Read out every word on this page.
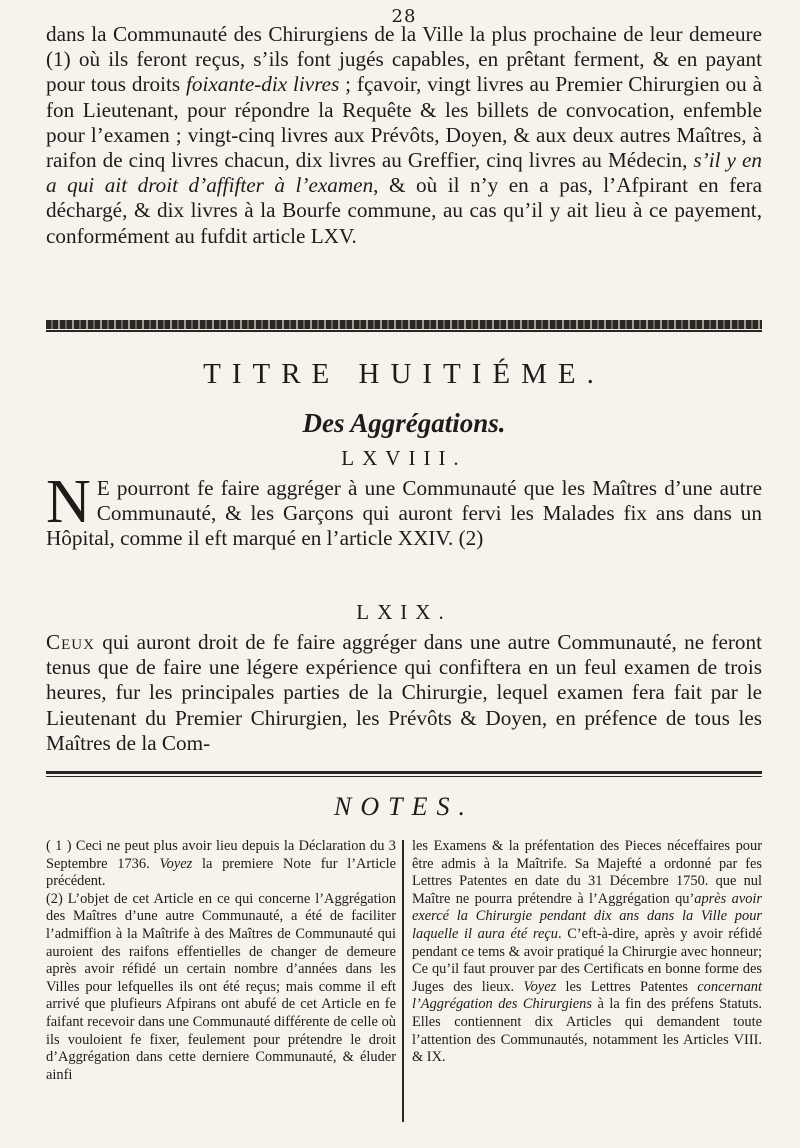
28
dans la Communauté des Chirurgiens de la Ville la plus prochaine de leur demeure (1) où ils feront reçus, s’ils font jugés capables, en prêtant ferment, & en payant pour tous droits foixante-dix livres ; fçavoir, vingt livres au Premier Chirurgien ou à fon Lieutenant, pour répondre la Requête & les billets de convocation, enfemble pour l’examen ; vingt-cinq livres aux Prévôts, Doyen, & aux deux autres Maîtres, à raifon de cinq livres chacun, dix livres au Greffier, cinq livres au Médecin, s’il y en a qui ait droit d’affifter à l’examen, & où il n’y en a pas, l’Afpirant en fera déchargé, & dix livres à la Bourfe commune, au cas qu’il y ait lieu à ce payement, conformément au fufdit article LXV.
TITRE HUITIÉME.
Des Aggrégations.
LXVIII.
N E pourront fe faire aggréger à une Communauté que les Maîtres d’une autre Communauté, & les Garçons qui auront fervi les Malades fix ans dans un Hôpital, comme il eft marqué en l’article XXIV. (2)
LXIX.
Ceux qui auront droit de fe faire aggréger dans une autre Communauté, ne feront tenus que de faire une légere expérience qui confiftera en un feul examen de trois heures, fur les principales parties de la Chirurgie, lequel examen fera fait par le Lieutenant du Premier Chirurgien, les Prévôts & Doyen, en préfence de tous les Maîtres de la Com-
NOTES.

( 1 ) Ceci ne peut plus avoir lieu depuis la Déclaration du 3 Septembre 1736. Voyez la premiere Note fur l’Article précédent.

(2) L’objet de cet Article en ce qui concerne l’Aggrégation des Maîtres d’une autre Communauté, a été de faciliter l’admiffion à la Maîtrife à des Maîtres de Communauté qui auroient des raifons effentielles de changer de demeure après avoir réfidé un certain nombre d’années dans les Villes pour lefquelles ils ont été reçus; mais comme il eft arrivé que plufieurs Afpirans ont abufé de cet Article en fe faifant recevoir dans une Communauté différente de celle où ils vouloient fe fixer, feulement pour prétendre le droit d’Aggrégation dans cette derniere Communauté, & éluder ainfi

les Examens & la préfentation des Pieces néceffaires pour être admis à la Maîtrife. Sa Majefté a ordonné par fes Lettres Patentes en date du 31 Décembre 1750. que nul Maître ne pourra prétendre à l’Aggrégation qu’après avoir exercé la Chirurgie pendant dix ans dans la Ville pour laquelle il aura été reçu. C’eft-à-dire, après y avoir réfidé pendant ce tems & avoir pratiqué la Chirurgie avec honneur; Ce qu’il faut prouver par des Certificats en bonne forme des Juges des lieux. Voyez les Lettres Patentes concernant l’Aggrégation des Chirurgiens à la fin des préfens Statuts. Elles contiennent dix Articles qui demandent toute l’attention des Communautés, notamment les Articles VIII. & IX.
